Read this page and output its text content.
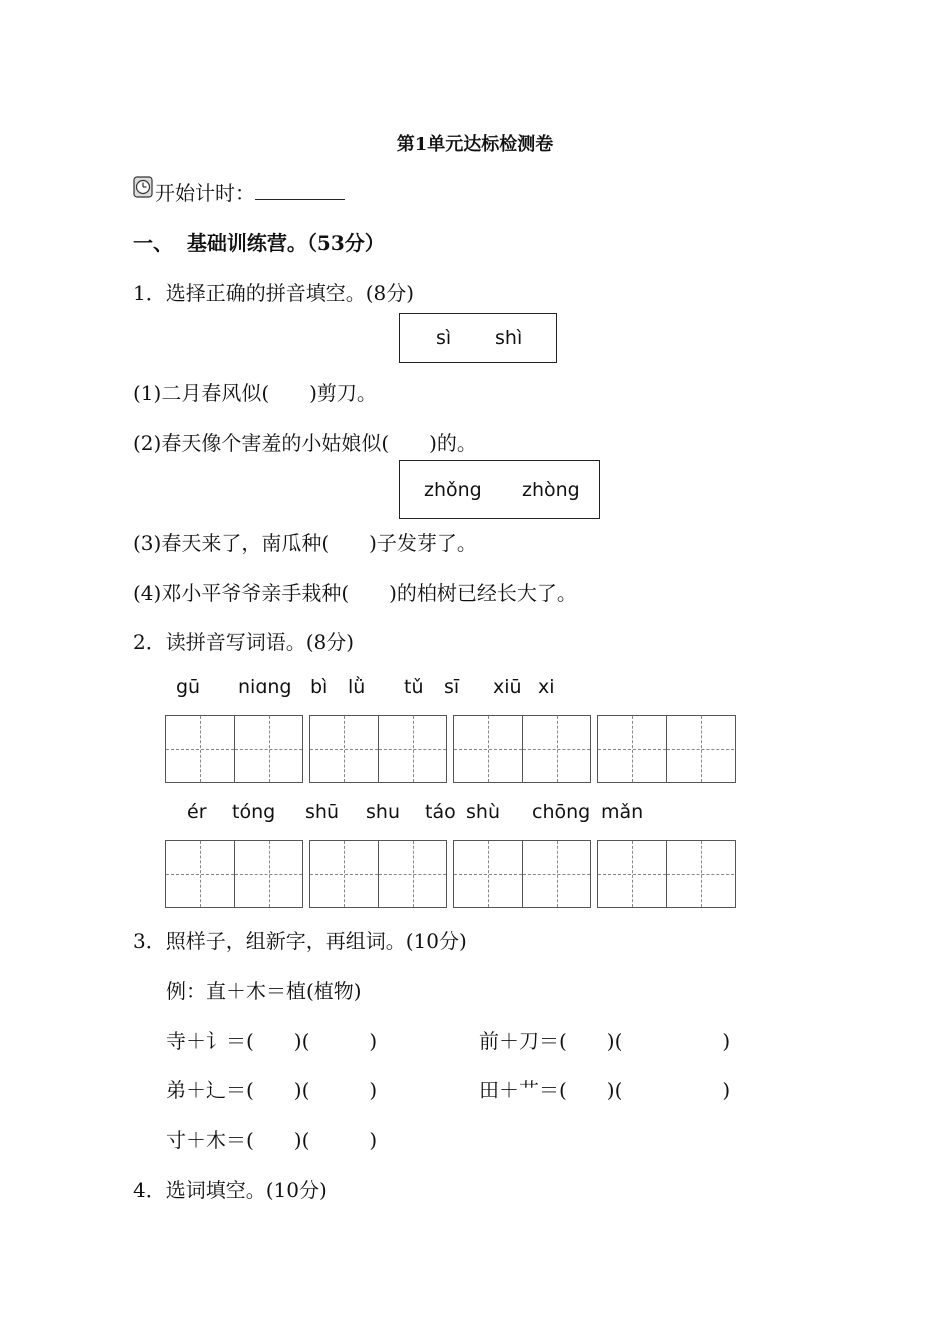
第1单元达标检测卷
开始计时：
一、  基础训练营。（53分）
1．选择正确的拼音填空。(8分)
sì shì
(1)二月春风似(　　)剪刀。
(2)春天像个害羞的小姑娘似(　　)的。
zhǒng zhòng
(3)春天来了，南瓜种(　　)子发芽了。
(4)邓小平爷爷亲手栽种(　　)的柏树已经长大了。
2．读拼音写词语。(8分)
gū niɑng bì lǜ tǔ sī xiū xi
ér tóng shū shu táo shù chōng mǎn
3．照样子，组新字，再组词。(10分)
例：直＋木＝植(植物)
寺＋讠＝(　　)(　　　)	前＋刀＝(　　)(　　　　　)
弟＋辶＝(　　)(　　　)	田＋艹＝(　　)(　　　　　)
寸＋木＝(　　)(　　　)
4．选词填空。(10分)
